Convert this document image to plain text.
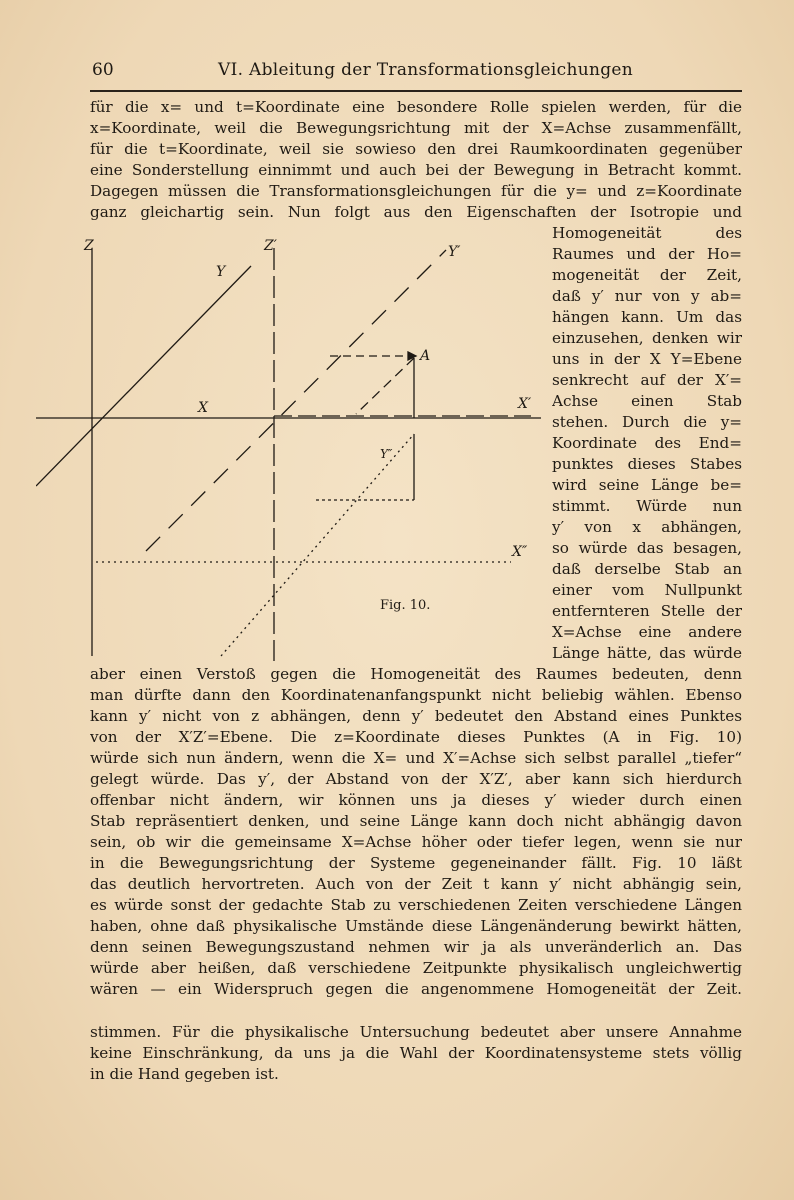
60	VI. Ableitung der Transformationsgleichungen
für die x= und t=Koordinate eine besondere Rolle spielen werden, für die
x=Koordinate, weil die Bewegungsrichtung mit der X=Achse zusammenfällt,
für die t=Koordinate, weil sie sowieso den drei Raumkoordinaten gegenüber
eine Sonderstellung einnimmt und auch bei der Bewegung in Betracht kommt.
Dagegen müssen die Transformationsgleichungen für die y= und z=Koordinate
ganz gleichartig sein. Nun folgt aus den Eigenschaften der Isotropie und
Homogeneität des
Raumes und der Ho=
mogeneität der Zeit,
daß y′ nur von y ab=
hängen kann. Um das
einzusehen, denken wir
uns in der X Y=Ebene
senkrecht auf der X′=
Achse einen Stab
stehen. Durch die y=
Koordinate des End=
punktes dieses Stabes
wird seine Länge be=
stimmt. Würde nun
y′ von x abhängen,
so würde das besagen,
daß derselbe Stab an
einer vom Nullpunkt
entfernteren Stelle der
X=Achse eine andere
Länge hätte, das würde
Z	Z′
Y
Y′
X	X′
A
Y″
X″
Fig. 10.
aber einen Verstoß gegen die Homogeneität des Raumes bedeuten, denn
man dürfte dann den Koordinatenanfangspunkt nicht beliebig wählen. Ebenso
kann y′ nicht von z abhängen, denn y′ bedeutet den Abstand eines Punktes
von der X′Z′=Ebene. Die z=Koordinate dieses Punktes (A in Fig. 10)
würde sich nun ändern, wenn die X= und X′=Achse sich selbst parallel „tiefer“
gelegt würde. Das y′, der Abstand von der X′Z′, aber kann sich hierdurch
offenbar nicht ändern, wir können uns ja dieses y′ wieder durch einen
Stab repräsentiert denken, und seine Länge kann doch nicht abhängig davon
sein, ob wir die gemeinsame X=Achse höher oder tiefer legen, wenn sie nur
in die Bewegungsrichtung der Systeme gegeneinander fällt. Fig. 10 läßt
das deutlich hervortreten. Auch von der Zeit t kann y′ nicht abhängig sein,
es würde sonst der gedachte Stab zu verschiedenen Zeiten verschiedene Längen
haben, ohne daß physikalische Umstände diese Längenänderung bewirkt hätten,
denn seinen Bewegungszustand nehmen wir ja als unveränderlich an. Das
würde aber heißen, daß verschiedene Zeitpunkte physikalisch ungleichwertig
wären — ein Widerspruch gegen die angenommene Homogeneität der Zeit.
stimmen. Für die physikalische Untersuchung bedeutet aber unsere Annahme
keine Einschränkung, da uns ja die Wahl der Koordinatensysteme stets völlig
in die Hand gegeben ist.
